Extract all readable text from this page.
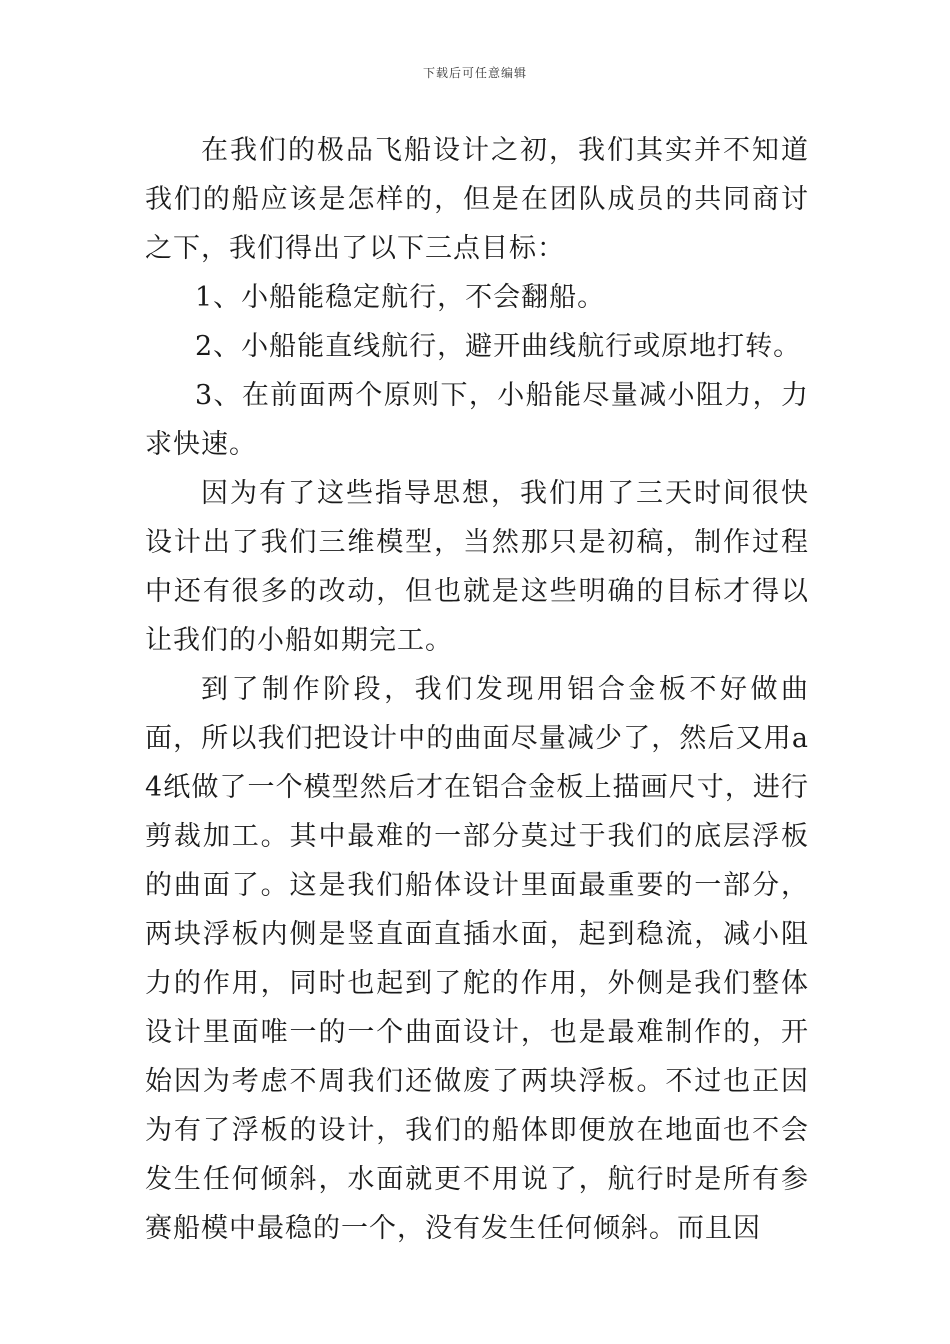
下载后可任意编辑

在我们的极品飞船设计之初，我们其实并不知道我们的船应该是怎样的，但是在团队成员的共同商讨之下，我们得出了以下三点目标：

1、小船能稳定航行，不会翻船。

2、小船能直线航行，避开曲线航行或原地打转。

3、在前面两个原则下，小船能尽量减小阻力，力求快速。

因为有了这些指导思想，我们用了三天时间很快设计出了我们三维模型，当然那只是初稿，制作过程中还有很多的改动，但也就是这些明确的目标才得以让我们的小船如期完工。

到了制作阶段，我们发现用铝合金板不好做曲面，所以我们把设计中的曲面尽量减少了，然后又用a4纸做了一个模型然后才在铝合金板上描画尺寸，进行剪裁加工。其中最难的一部分莫过于我们的底层浮板的曲面了。这是我们船体设计里面最重要的一部分，两块浮板内侧是竖直面直插水面，起到稳流，减小阻力的作用，同时也起到了舵的作用，外侧是我们整体设计里面唯一的一个曲面设计，也是最难制作的，开始因为考虑不周我们还做废了两块浮板。不过也正因为有了浮板的设计，我们的船体即便放在地面也不会发生任何倾斜，水面就更不用说了，航行时是所有参赛船模中最稳的一个，没有发生任何倾斜。而且因
